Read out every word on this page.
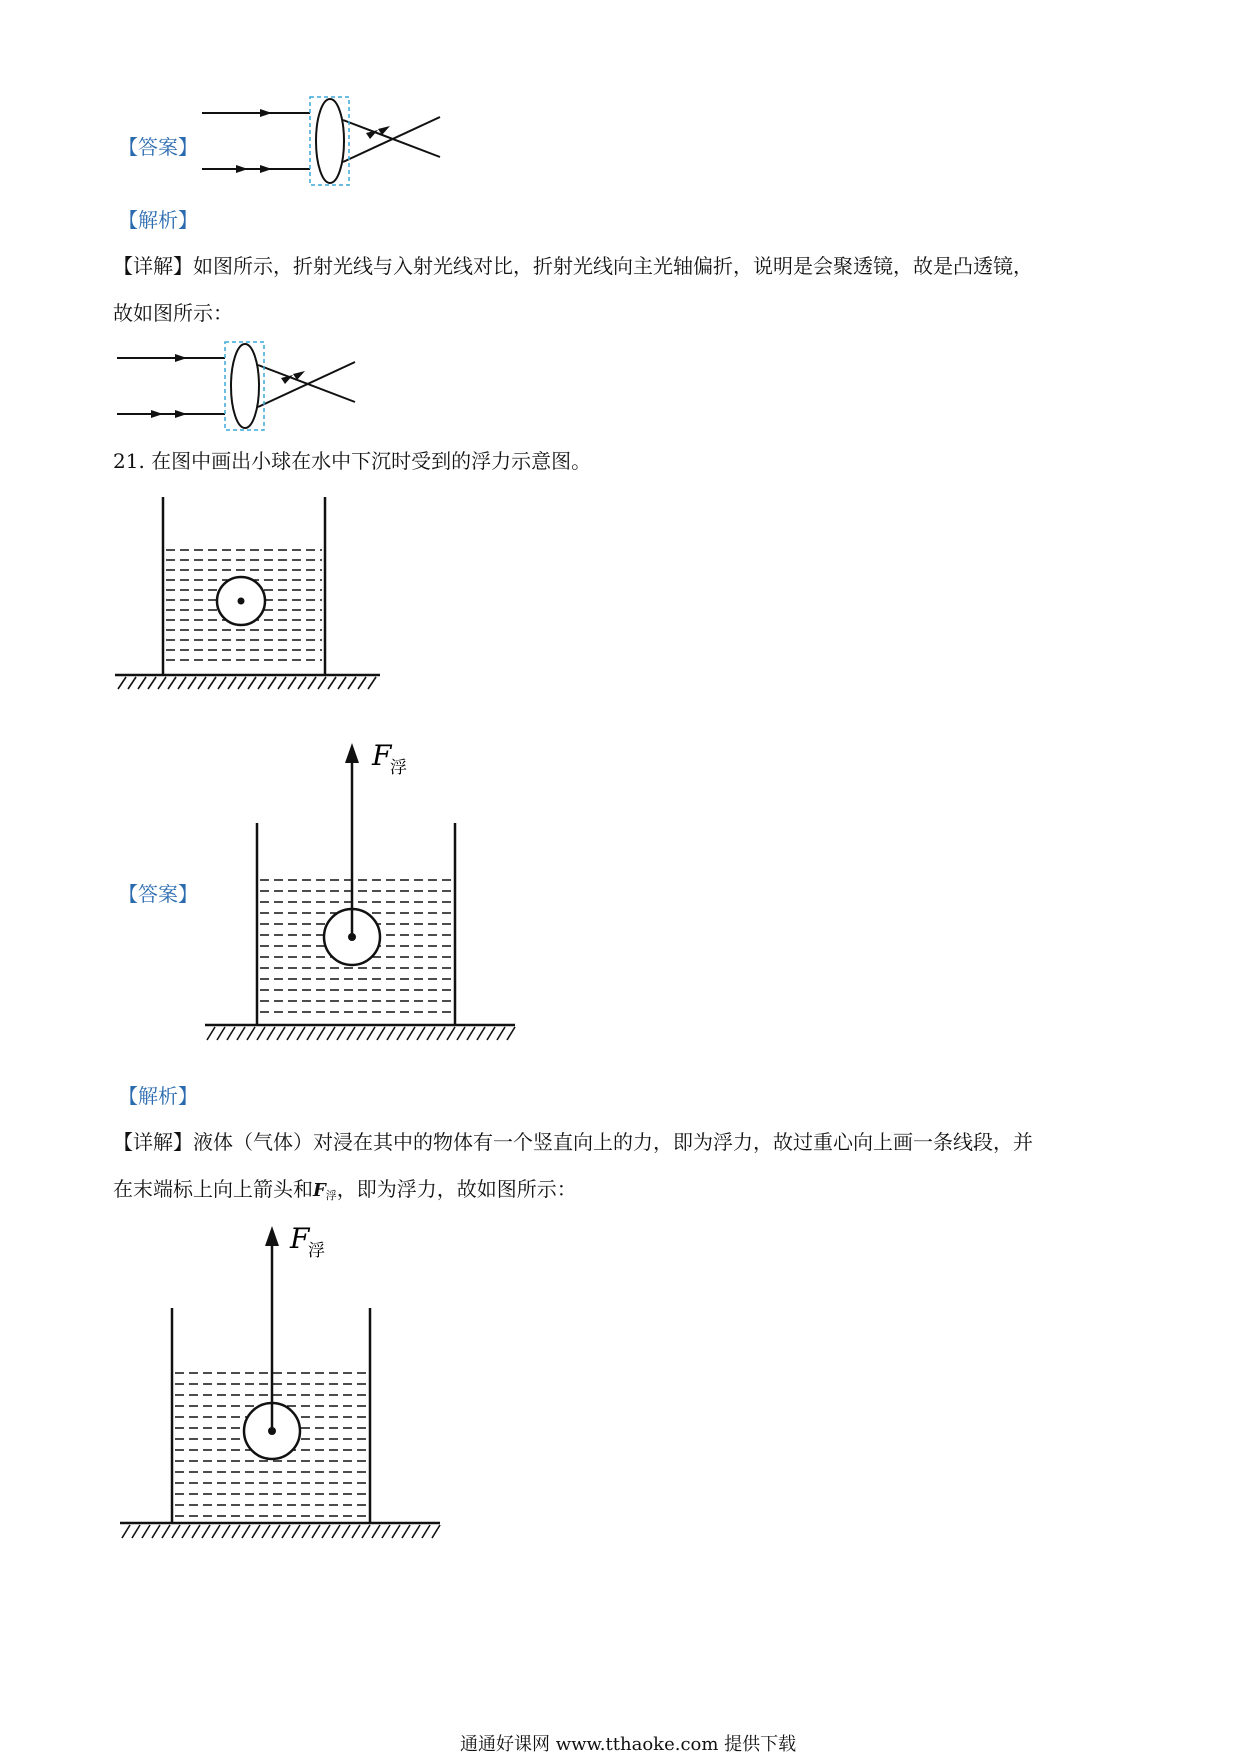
【答案】
【解析】
【详解】如图所示，折射光线与入射光线对比，折射光线向主光轴偏折，说明是会聚透镜，故是凸透镜，
故如图所示：
21. 在图中画出小球在水中下沉时受到的浮力示意图。
【答案】
F
浮
【解析】
【详解】液体（气体）对浸在其中的物体有一个竖直向上的力，即为浮力，故过重心向上画一条线段，并
在末端标上向上箭头和F浮，即为浮力，故如图所示：
F
浮
通通好课网 www.tthaoke.com 提供下载
